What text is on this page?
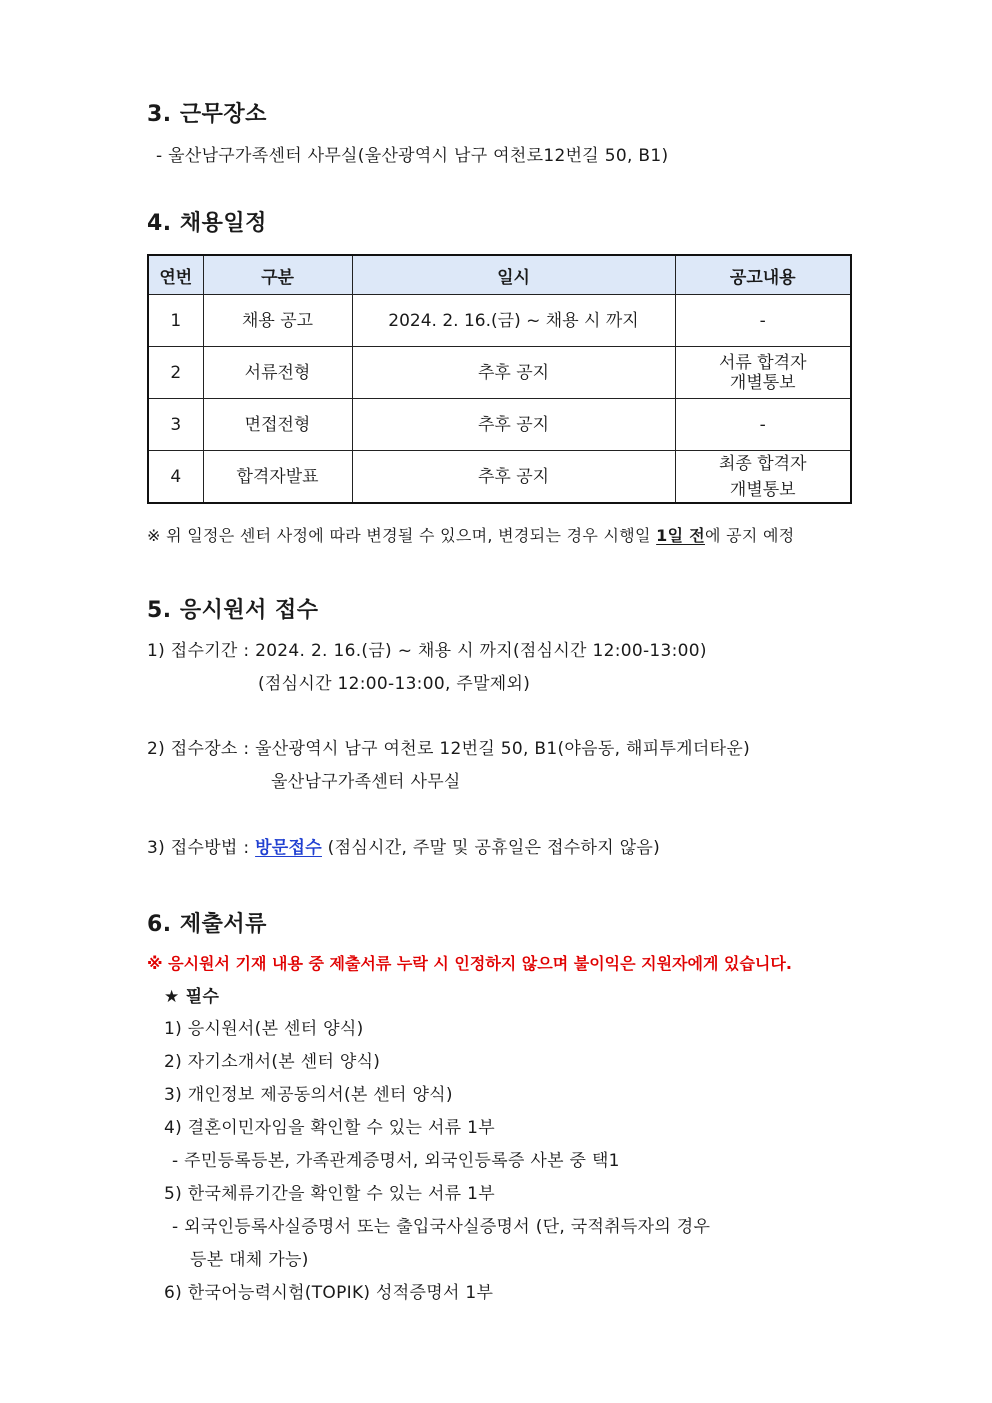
3. 근무장소
- 울산남구가족센터 사무실(울산광역시 남구 여천로12번길 50, B1)
4. 채용일정
연번	구분	일시	공고내용
1	채용 공고	2024. 2. 16.(금) ~ 채용 시 까지	-
2	서류전형	추후 공지	서류 합격자
개별통보

3	면접전형	추후 공지	-
4	합격자발표	추후 공지	최종 합격자
개별통보
※ 위 일정은 센터 사정에 따라 변경될 수 있으며, 변경되는 경우 시행일 1일 전에 공지 예정
5. 응시원서 접수
1) 접수기간 : 2024. 2. 16.(금) ~ 채용 시 까지(점심시간 12:00-13:00)
(점심시간 12:00-13:00, 주말제외)
2) 접수장소 : 울산광역시 남구 여천로 12번길 50, B1(야음동, 해피투게더타운)
울산남구가족센터 사무실
3) 접수방법 : 방문접수 (점심시간, 주말 및 공휴일은 접수하지 않음)
6. 제출서류
※ 응시원서 기재 내용 중 제출서류 누락 시 인정하지 않으며 불이익은 지원자에게 있습니다.
★ 필수
1) 응시원서(본 센터 양식)
2) 자기소개서(본 센터 양식)
3) 개인정보 제공동의서(본 센터 양식)
4) 결혼이민자임을 확인할 수 있는 서류 1부
- 주민등록등본, 가족관계증명서, 외국인등록증 사본 중 택1
5) 한국체류기간을 확인할 수 있는 서류 1부
- 외국인등록사실증명서 또는 출입국사실증명서 (단, 국적취득자의 경우
등본 대체 가능)
6) 한국어능력시험(TOPIK) 성적증명서 1부
